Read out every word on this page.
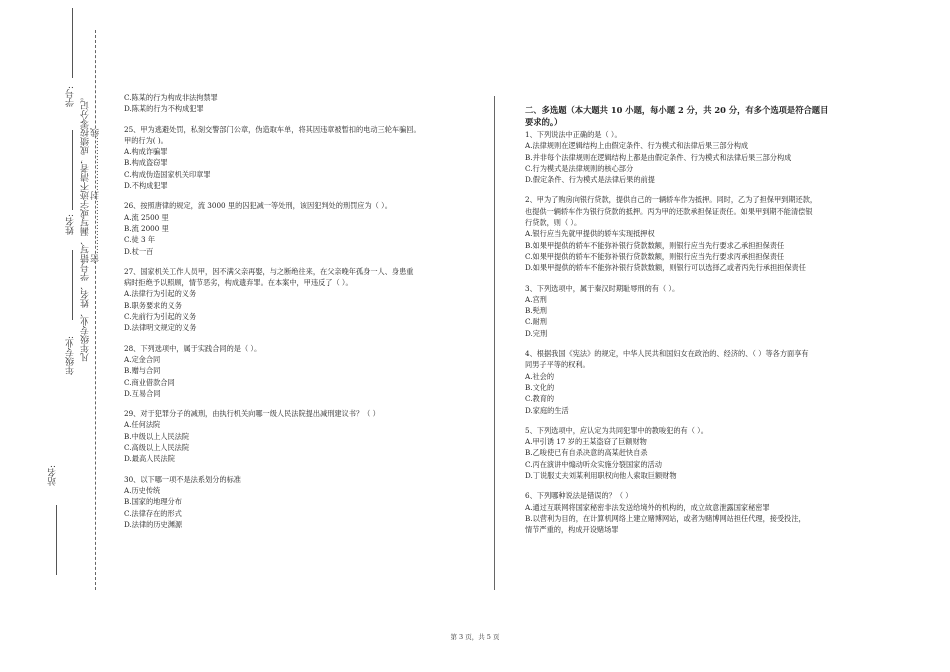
学号:
姓名:
年级专业:
站名:
凡年级专业、姓名、学号错写、漏写或字迹不清者，成绩按零分记。 密………………封………………线
C.陈某的行为构成非法拘禁罪
D.陈某的行为不构成犯罪
25、甲为逃避处罚，私刻交警部门公章，伪造取车单，将其因违章被暂扣的电动三轮车骗回。
甲的行为( )。
A.构成诈骗罪
B.构成盗窃罪
C.构成伪造国家机关印章罪
D.不构成犯罪
26、按照唐律的规定，流 3000 里的囚犯减一等处刑，该因犯判处的刑罚应为（ ）。
A.流 2500 里
B.流 2000 里
C.徒 3 年
D.杖一百
27、国家机关工作人员甲，因不满父亲再娶，与之断绝往来，在父亲晚年孤身一人、身患重
病时拒绝予以照顾，情节恶劣，构成遗弃罪。在本案中，甲违反了（ ）。
A.法律行为引起的义务
B.职务要求的义务
C.先前行为引起的义务
D.法律明文规定的义务
28、下列选项中，属于实践合同的是（ ）。
A.定金合同
B.赠与合同
C.商业借款合同
D.互易合同
29、对于犯罪分子的减刑，由执行机关向哪一级人民法院提出减刑建议书？（ ）
A.任何法院
B.中级以上人民法院
C.高级以上人民法院
D.最高人民法院
30、以下哪一项不是法系划分的标准
A.历史传统
B.国家的地理分布
C.法律存在的形式
D.法律的历史渊源
二、多选题（本大题共 10 小题，每小题 2 分，共 20 分，有多个选项是符合题目
要求的。）
1、下列说法中正确的是（ ）。
A.法律规则在逻辑结构上由假定条件、行为模式和法律后果三部分构成
B.并非每个法律规则在逻辑结构上都是由假定条件、行为模式和法律后果三部分构成
C.行为模式是法律规则的核心部分
D.假定条件、行为模式是法律后果的前提
2、甲为了购房向银行贷款，提供自己的一辆轿车作为抵押。同时，乙为了担保甲到期还款，
也提供一辆轿车作为银行贷款的抵押。丙为甲的还款承担保证责任。如果甲到期不能清偿银
行贷款，则（ ）。
A.银行应当先就甲提供的轿车实现抵押权
B.如果甲提供的轿车不能弥补银行贷款数额，则银行应当先行要求乙承担担保责任
C.如果甲提供的轿车不能弥补银行贷款数额，则银行应当先行要求丙承担担保责任
D.如果甲提供的轿车不能弥补银行贷款数额，则银行可以选择乙或者丙先行承担担保责任
3、下列选项中，属于秦汉时期耻辱刑的有（ ）。
A.宫刑
B.髡刑
C.耐刑
D.完刑
4、根据我国《宪法》的规定，中华人民共和国妇女在政治的、经济的、（ ）等各方面享有
同男子平等的权利。
A.社会的
B.文化的
C.教育的
D.家庭的生活
5、下列选项中，应认定为共同犯罪中的教唆犯的有（ ）。
A.甲引诱 17 岁的王某盗窃了巨额财物
B.乙唆使已有自杀决意的高某赶快自杀
C.丙在演讲中煽动听众实施分裂国家的活动
D.丁说服丈夫刘某利用职权向他人索取巨额财物
6、下列哪种说法是错误的？（ ）
A.通过互联网将国家秘密非法发送给境外的机构的，成立故意泄露国家秘密罪
B.以营利为目的，在计算机网络上建立赌博网站，或者为赌博网站担任代理，接受投注，
情节严重的，构成开设赌场罪
第 3 页，共 5 页
